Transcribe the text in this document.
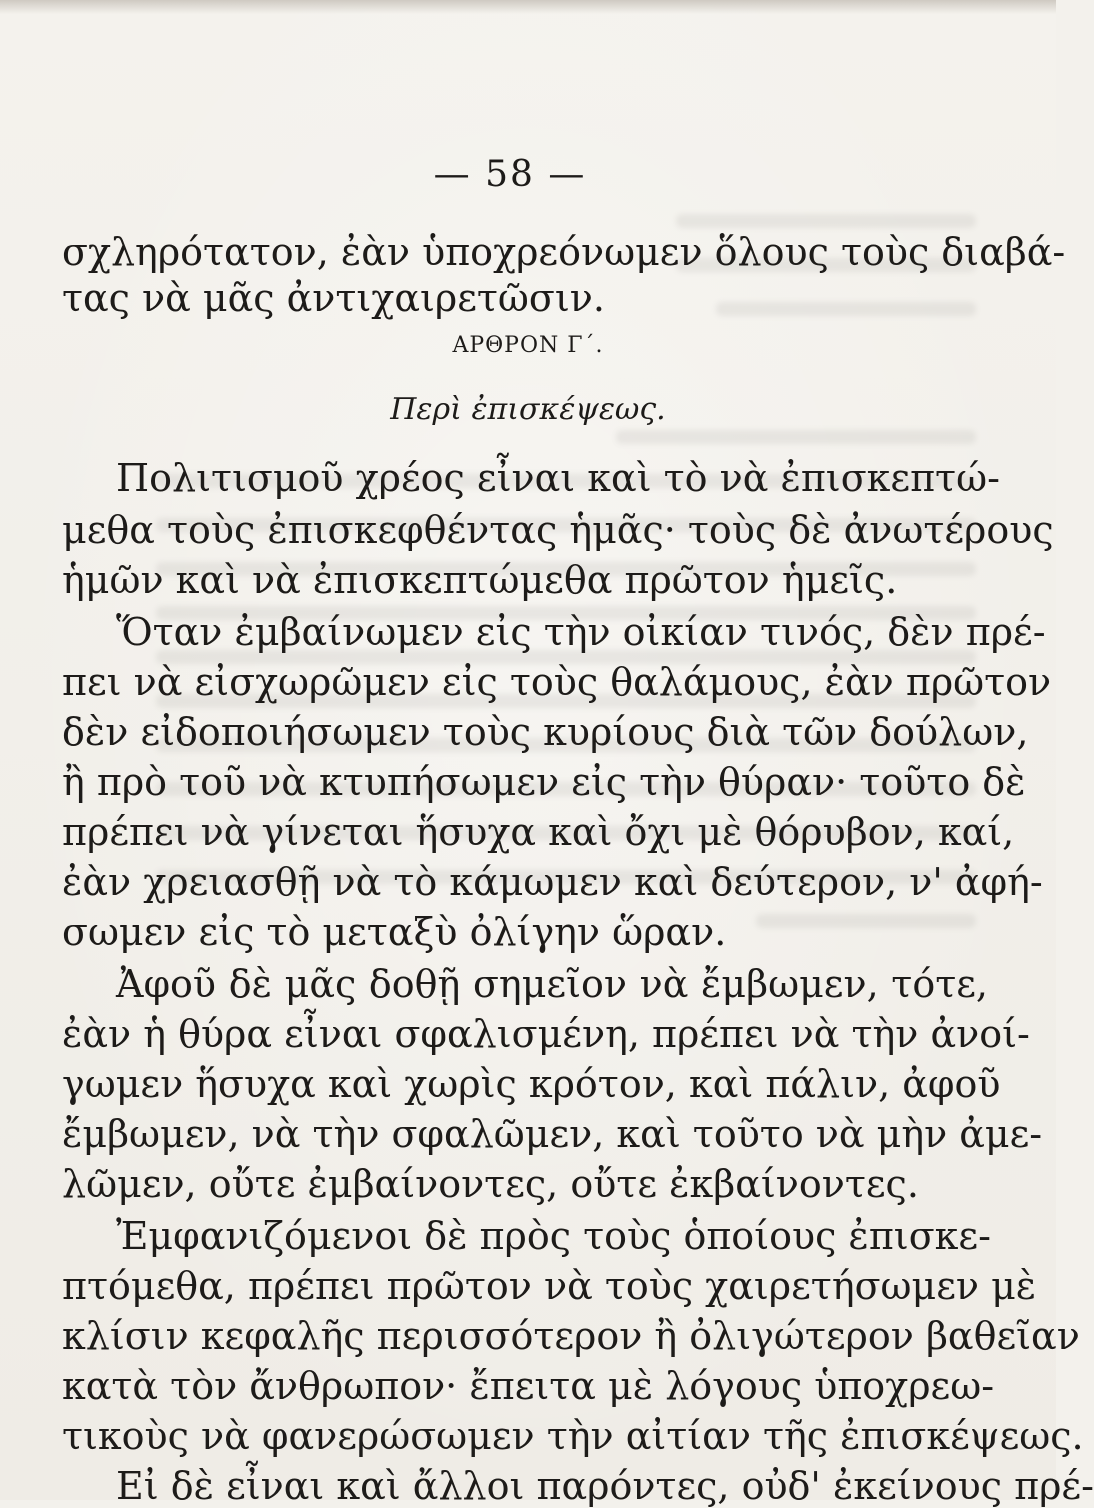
— 58 —
σχληρότατον, ἐὰν ὑποχρεόνωμεν ὅλους τοὺς διαβά-
τας νὰ μᾶς ἀντιχαιρετῶσιν.
ΑΡΘΡΟΝ Γ΄.
Περὶ ἐπισκέψεως.
Πολιτισμοῦ χρέος εἶναι καὶ τὸ νὰ ἐπισκεπτώ-
μεθα τοὺς ἐπισκεφθέντας ἡμᾶς· τοὺς δὲ ἀνωτέρους
ἡμῶν καὶ νὰ ἐπισκεπτώμεθα πρῶτον ἡμεῖς.
Ὅταν ἐμβαίνωμεν εἰς τὴν οἰκίαν τινός, δὲν πρέ-
πει νὰ εἰσχωρῶμεν εἰς τοὺς θαλάμους, ἐὰν πρῶτον
δὲν εἰδοποιήσωμεν τοὺς κυρίους διὰ τῶν δούλων,
ἢ πρὸ τοῦ νὰ κτυπήσωμεν εἰς τὴν θύραν· τοῦτο δὲ
πρέπει νὰ γίνεται ἥσυχα καὶ ὄχι μὲ θόρυβον, καί,
ἐὰν χρειασθῇ νὰ τὸ κάμωμεν καὶ δεύτερον, ν' ἀφή-
σωμεν εἰς τὸ μεταξὺ ὀλίγην ὥραν.
Ἀφοῦ δὲ μᾶς δοθῇ σημεῖον νὰ ἔμβωμεν, τότε,
ἐὰν ἡ θύρα εἶναι σφαλισμένη, πρέπει νὰ τὴν ἀνοί-
γωμεν ἥσυχα καὶ χωρὶς κρότον, καὶ πάλιν, ἀφοῦ
ἔμβωμεν, νὰ τὴν σφαλῶμεν, καὶ τοῦτο νὰ μὴν ἀμε-
λῶμεν, οὔτε ἐμβαίνοντες, οὔτε ἐκβαίνοντες.
Ἐμφανιζόμενοι δὲ πρὸς τοὺς ὁποίους ἐπισκε-
πτόμεθα, πρέπει πρῶτον νὰ τοὺς χαιρετήσωμεν μὲ
κλίσιν κεφαλῆς περισσότερον ἢ ὀλιγώτερον βαθεῖαν
κατὰ τὸν ἄνθρωπον· ἔπειτα μὲ λόγους ὑποχρεω-
τικοὺς νὰ φανερώσωμεν τὴν αἰτίαν τῆς ἐπισκέψεως.
Εἰ δὲ εἶναι καὶ ἄλλοι παρόντες, οὐδ' ἐκείνους πρέ-
